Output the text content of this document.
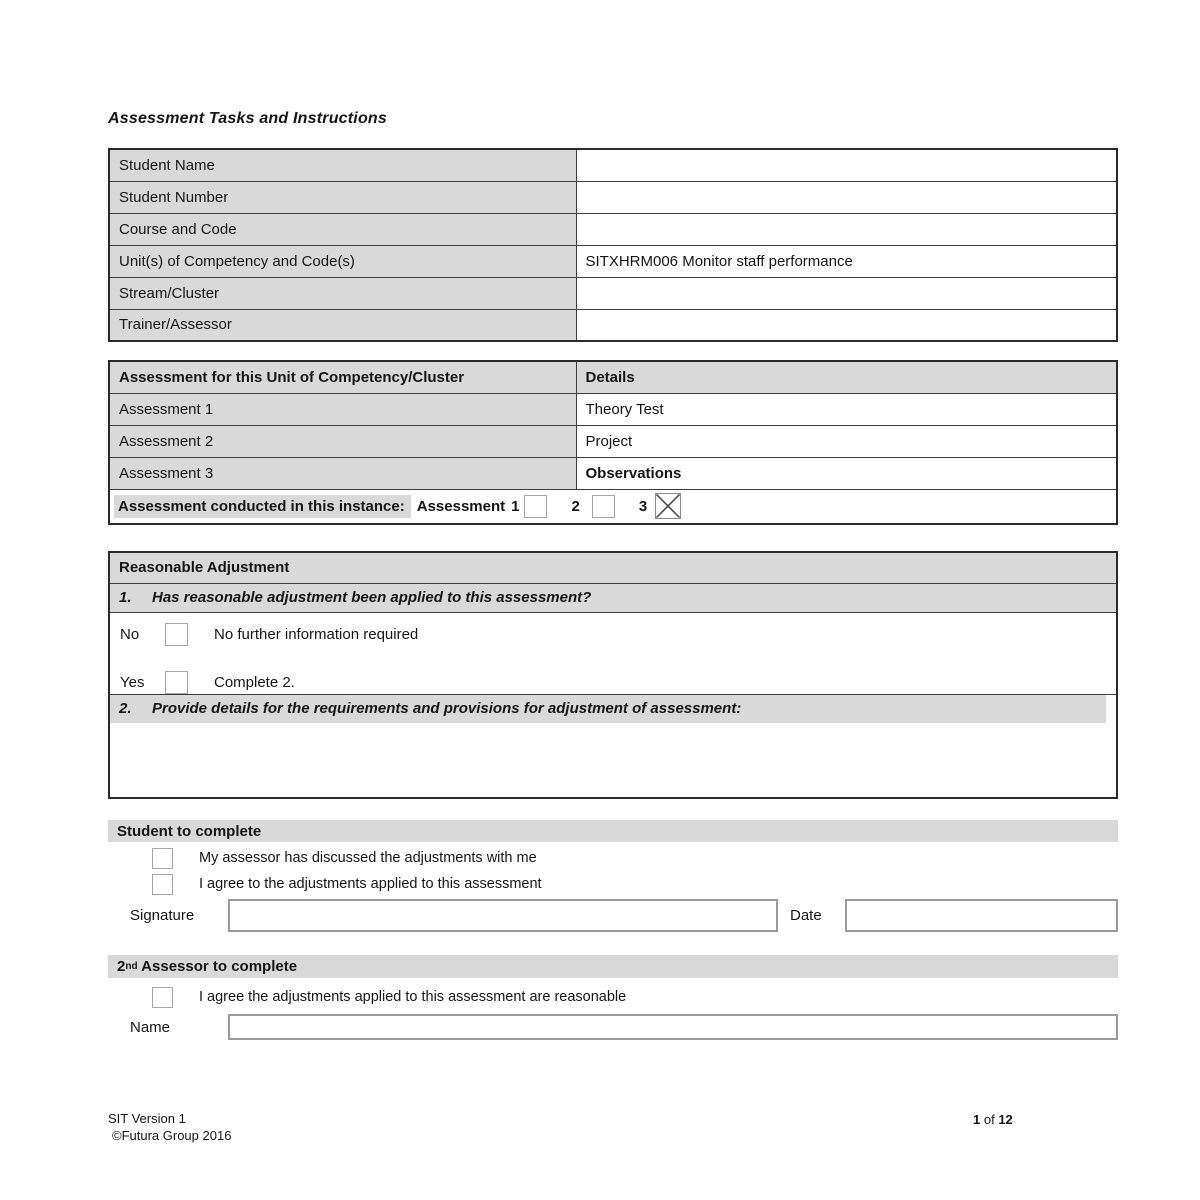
Assessment Tasks and Instructions
Student Name	
Student Number	
Course and Code	
Unit(s) of Competency and Code(s)	SITXHRM006 Monitor staff performance
Stream/Cluster	
Trainer/Assessor	
Assessment for this Unit of Competency/Cluster	Details
Assessment 1	Theory Test
Assessment 2	Project
Assessment 3	Observations

Assessment conducted in this instance: Assessment 1 2 3	
Reasonable Adjustment

1.	Has reasonable adjustment been applied to this assessment?

No	No further information required
Yes	Complete 2.

2.	Provide details for the requirements and provisions for adjustment of assessment:
Student to complete
My assessor has discussed the adjustments with me
I agree to the adjustments applied to this assessment
Signature	Date
2 nd Assessor to complete
I agree the adjustments applied to this assessment are reasonable
Name
SIT Version 1
©Futura Group 2016
1 of 12
